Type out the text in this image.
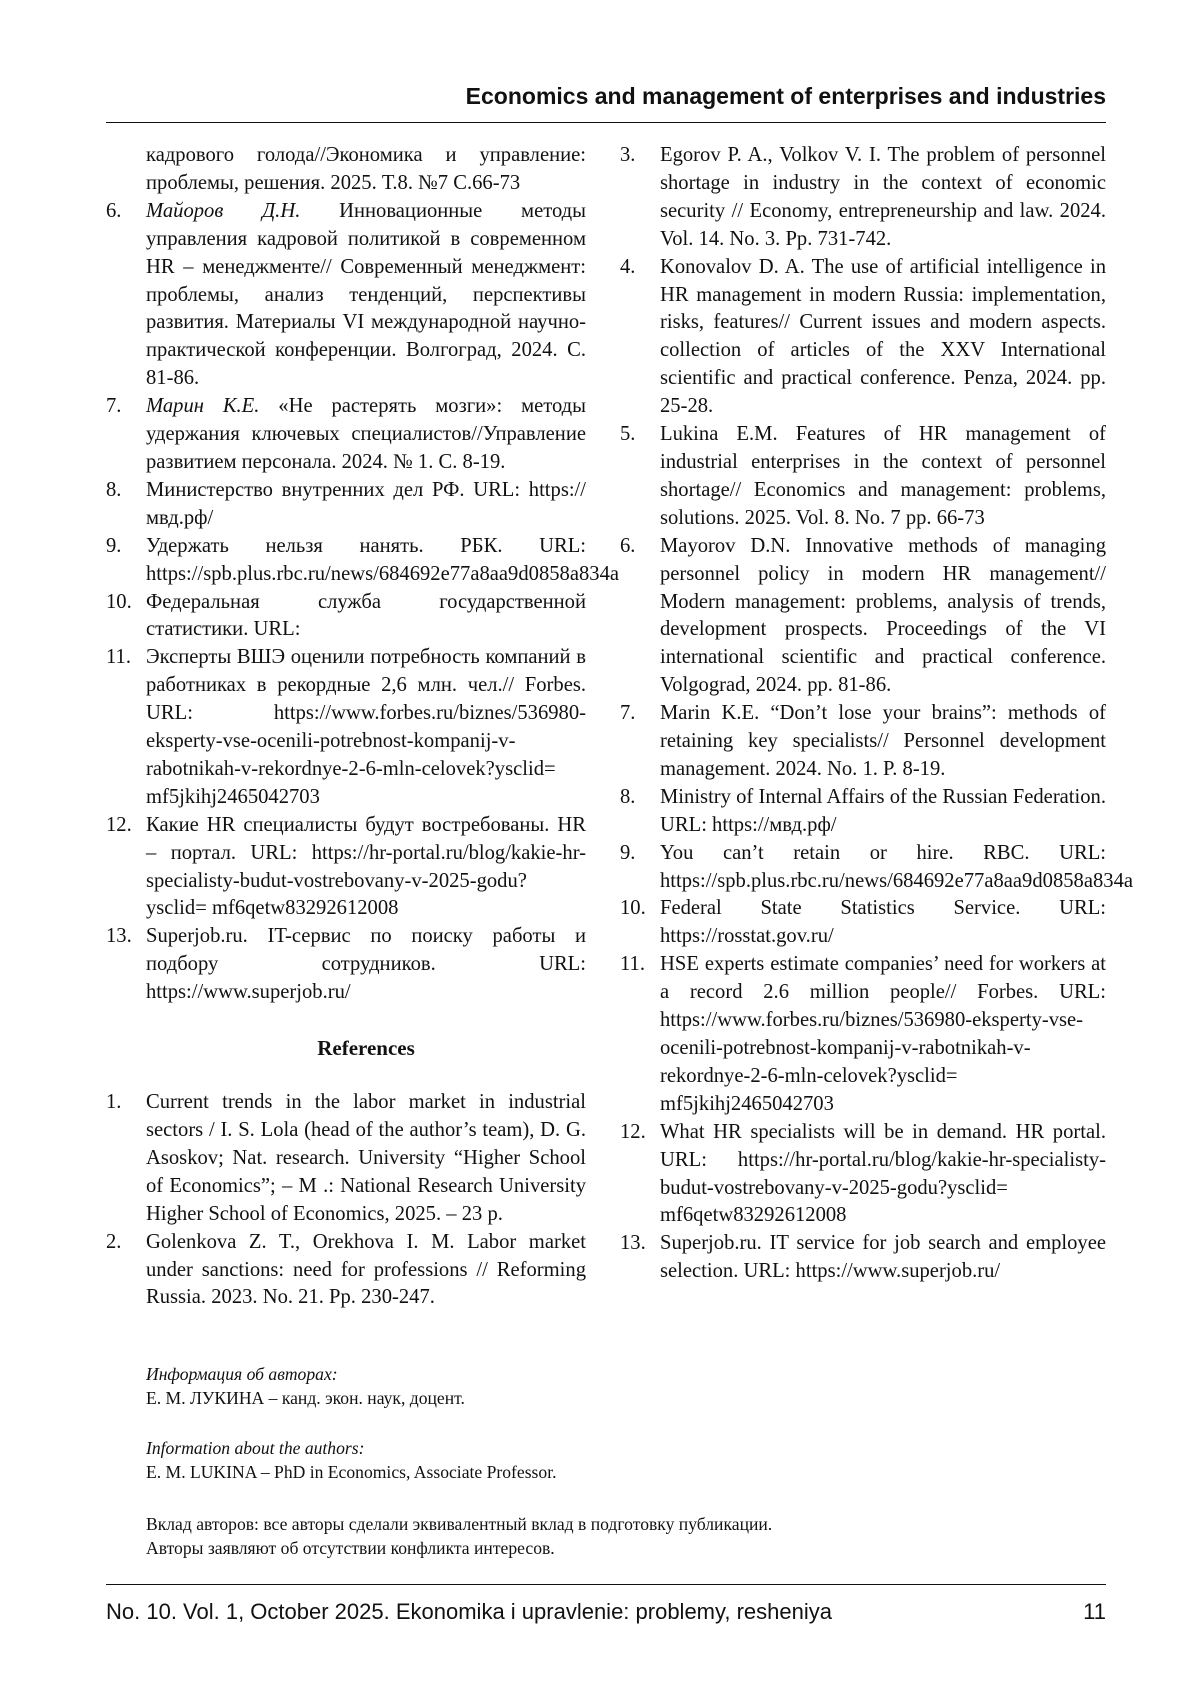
Economics and management of enterprises and industries
кадрового голода//Экономика и управление: проблемы, решения. 2025. Т.8. №7 С.66-73
6. Майоров Д.Н. Инновационные методы управления кадровой политикой в современном HR – менеджменте// Современный менеджмент: проблемы, анализ тенденций, перспективы развития. Материалы VI международной научно-практической конференции. Волгоград, 2024. С. 81-86.
7. Марин К.Е. «Не растерять мозги»: методы удержания ключевых специалистов//Управление развитием персонала. 2024. № 1. С. 8-19.
8. Министерство внутренних дел РФ. URL: https://мвд.рф/
9. Удержать нельзя нанять. РБК. URL: https://spb.plus.rbc.ru/news/684692e77a8aa9d0858a834a
10. Федеральная служба государственной статистики. URL:
11. Эксперты ВШЭ оценили потребность компаний в работниках в рекордные 2,6 млн. чел.// Forbes. URL: https://www.forbes.ru/biznes/536980-eksperty-vse-ocenili-potrebnost-kompanij-v-rabotnikah-v-rekordnye-2-6-mln-celovek?ysclid= mf5jkihj2465042703
12. Какие HR специалисты будут востребованы. HR – портал. URL: https://hr-portal.ru/blog/kakie-hr-specialisty-budut-vostrebovany-v-2025-godu?ysclid= mf6qetw83292612008
13. Superjob.ru. IT-сервис по поиску работы и подбору сотрудников. URL: https://www.superjob.ru/
References
1. Current trends in the labor market in industrial sectors / I. S. Lola (head of the author’s team), D. G. Asoskov; Nat. research. University “Higher School of Economics”; – M .: National Research University Higher School of Economics, 2025. – 23 p.
2. Golenkova Z. T., Orekhova I. M. Labor market under sanctions: need for professions // Reforming Russia. 2023. No. 21. Pp. 230-247.
3. Egorov P. A., Volkov V. I. The problem of personnel shortage in industry in the context of economic security // Economy, entrepreneurship and law. 2024. Vol. 14. No. 3. Pp. 731-742.
4. Konovalov D. A. The use of artificial intelligence in HR management in modern Russia: implementation, risks, features// Current issues and modern aspects. collection of articles of the XXV International scientific and practical conference. Penza, 2024. pp. 25-28.
5. Lukina E.M. Features of HR management of industrial enterprises in the context of personnel shortage// Economics and management: problems, solutions. 2025. Vol. 8. No. 7 pp. 66-73
6. Mayorov D.N. Innovative methods of managing personnel policy in modern HR management// Modern management: problems, analysis of trends, development prospects. Proceedings of the VI international scientific and practical conference. Volgograd, 2024. pp. 81-86.
7. Marin K.E. “Don’t lose your brains”: methods of retaining key specialists// Personnel development management. 2024. No. 1. P. 8-19.
8. Ministry of Internal Affairs of the Russian Federation. URL: https://мвд.рф/
9. You can’t retain or hire. RBC. URL: https://spb.plus.rbc.ru/news/684692e77a8aa9d0858a834a
10. Federal State Statistics Service. URL: https://rosstat.gov.ru/
11. HSE experts estimate companies’ need for workers at a record 2.6 million people// Forbes. URL: https://www.forbes.ru/biznes/536980-eksperty-vse-ocenili-potrebnost-kompanij-v-rabotnikah-v-rekordnye-2-6-mln-celovek?ysclid= mf5jkihj2465042703
12. What HR specialists will be in demand. HR portal. URL: https://hr-portal.ru/blog/kakie-hr-specialisty-budut-vostrebovany-v-2025-godu?ysclid= mf6qetw83292612008
13. Superjob.ru. IT service for job search and employee selection. URL: https://www.superjob.ru/
Информация об авторах:
Е. М. ЛУКИНА – канд. экон. наук, доцент.
Information about the authors:
E. M. LUKINA – PhD in Economics, Associate Professor.
Вклад авторов: все авторы сделали эквивалентный вклад в подготовку публикации.
Авторы заявляют об отсутствии конфликта интересов.
No. 10. Vol. 1, October 2025. Ekonomika i upravlenie: problemy, resheniya	11
